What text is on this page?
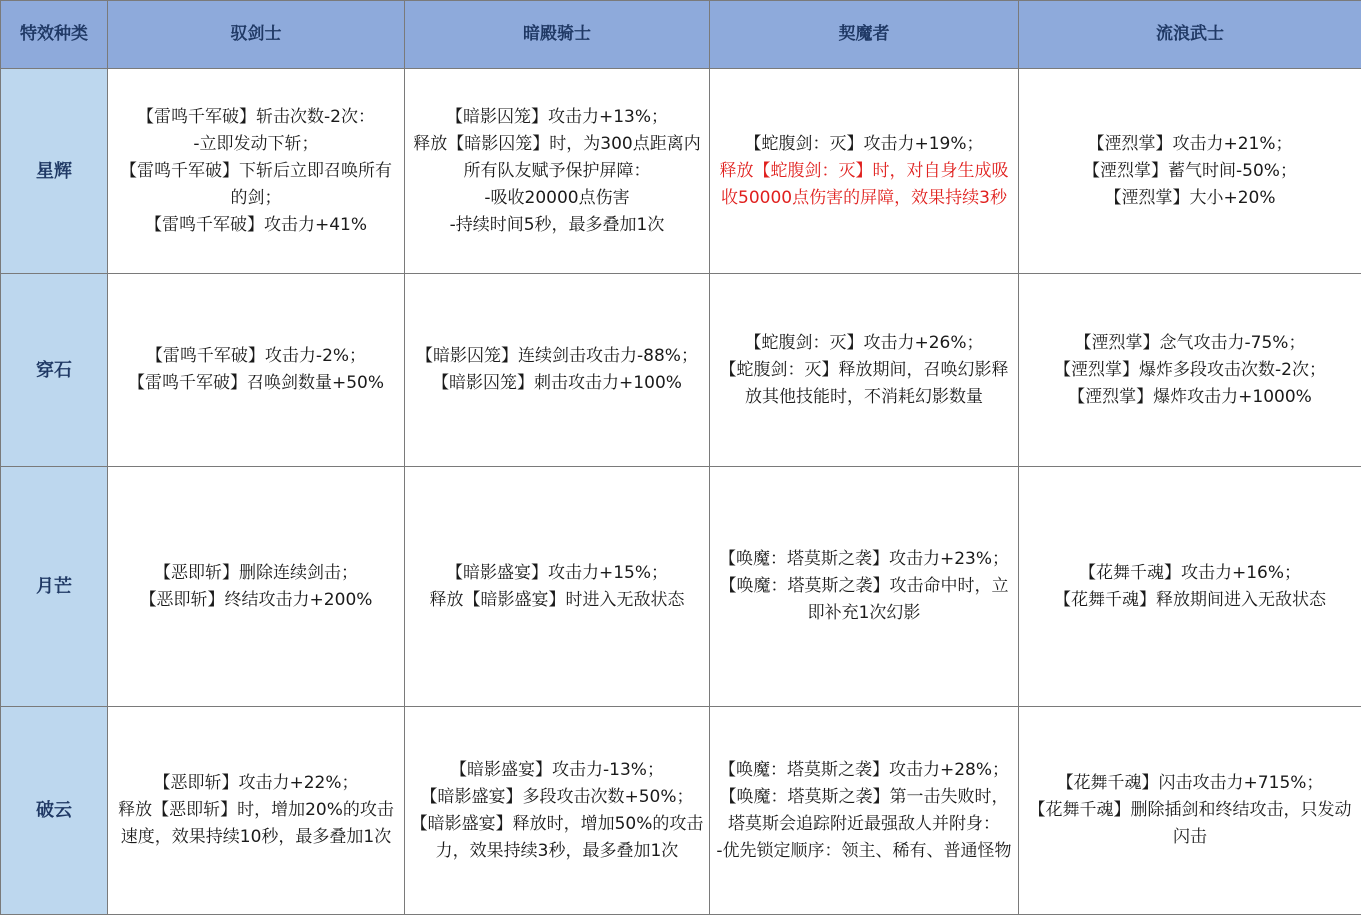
特效种类	驭剑士	暗殿骑士	契魔者	流浪武士
星辉	【雷鸣千军破】斩击次数-2次：
-立即发动下斩；
【雷鸣千军破】下斩后立即召唤所有的剑；
【雷鸣千军破】攻击力+41%	【暗影囚笼】攻击力+13%；
释放【暗影囚笼】时，为300点距离内所有队友赋予保护屏障：
-吸收20000点伤害
-持续时间5秒，最多叠加1次	【蛇腹剑：灭】攻击力+19%；
释放【蛇腹剑：灭】时，对自身生成吸收50000点伤害的屏障，效果持续3秒	【湮烈掌】攻击力+21%；
【湮烈掌】蓄气时间-50%；
【湮烈掌】大小+20%

穿石	【雷鸣千军破】攻击力-2%；
【雷鸣千军破】召唤剑数量+50%	【暗影囚笼】连续剑击攻击力-88%；
【暗影囚笼】刺击攻击力+100%	【蛇腹剑：灭】攻击力+26%；
【蛇腹剑：灭】释放期间，召唤幻影释放其他技能时，不消耗幻影数量	【湮烈掌】念气攻击力-75%；
【湮烈掌】爆炸多段攻击次数-2次；
【湮烈掌】爆炸攻击力+1000%

月芒	【恶即斩】删除连续剑击；
【恶即斩】终结攻击力+200%	【暗影盛宴】攻击力+15%；
释放【暗影盛宴】时进入无敌状态	【唤魔：塔莫斯之袭】攻击力+23%；
【唤魔：塔莫斯之袭】攻击命中时，立即补充1次幻影	【花舞千魂】攻击力+16%；
【花舞千魂】释放期间进入无敌状态

破云	【恶即斩】攻击力+22%；
释放【恶即斩】时，增加20%的攻击速度，效果持续10秒，最多叠加1次	【暗影盛宴】攻击力-13%；
【暗影盛宴】多段攻击次数+50%；
【暗影盛宴】释放时，增加50%的攻击力，效果持续3秒，最多叠加1次	【唤魔：塔莫斯之袭】攻击力+28%；
【唤魔：塔莫斯之袭】第一击失败时，塔莫斯会追踪附近最强敌人并附身：
-优先锁定顺序：领主、稀有、普通怪物	【花舞千魂】闪击攻击力+715%；
【花舞千魂】删除插剑和终结攻击，只发动闪击
